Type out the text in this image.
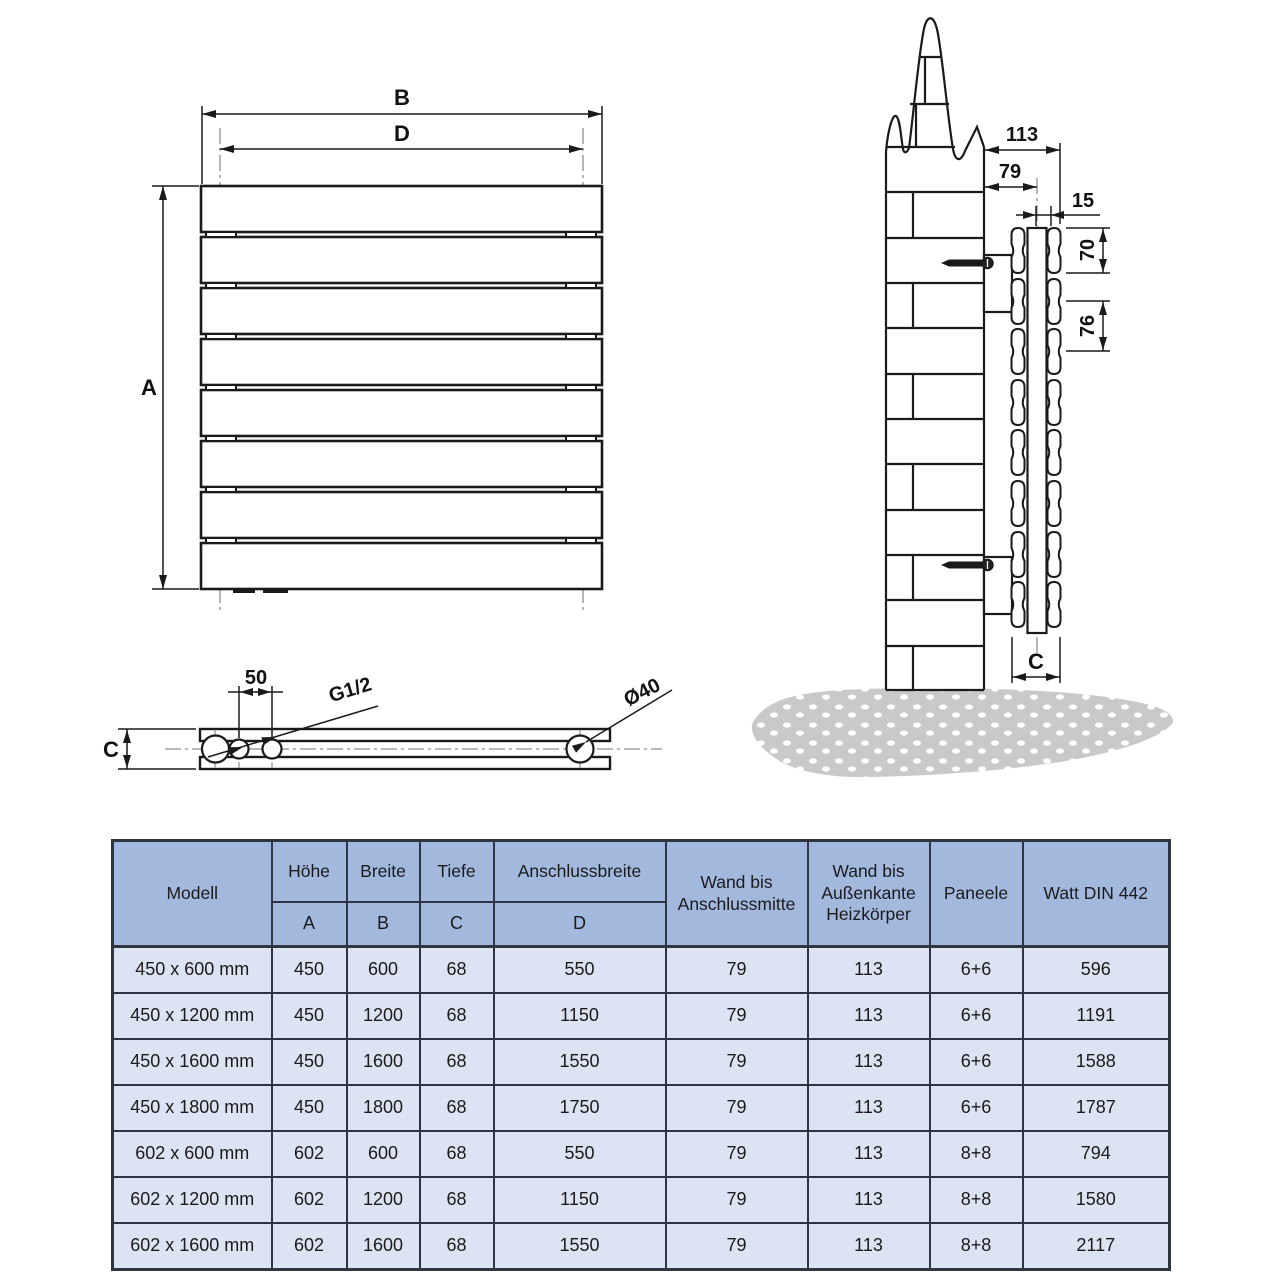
B
D
A
C
50	G1/2	Ø40
113
79
15
70
76
C
Modell	Höhe	Breite	Tiefe	Anschlussbreite	Wand bis Anschlussmitte	Wand bis Außenkante Heizkörper	Paneele	Watt DIN 442
	A	B	C	D				
450 x 600 mm	450	600	68	550	79	113	6+6	596
450 x 1200 mm	450	1200	68	1150	79	113	6+6	1191
450 x 1600 mm	450	1600	68	1550	79	113	6+6	1588
450 x 1800 mm	450	1800	68	1750	79	113	6+6	1787
602 x 600 mm	602	600	68	550	79	113	8+8	794
602 x 1200 mm	602	1200	68	1150	79	113	8+8	1580
602 x 1600 mm	602	1600	68	1550	79	113	8+8	2117
